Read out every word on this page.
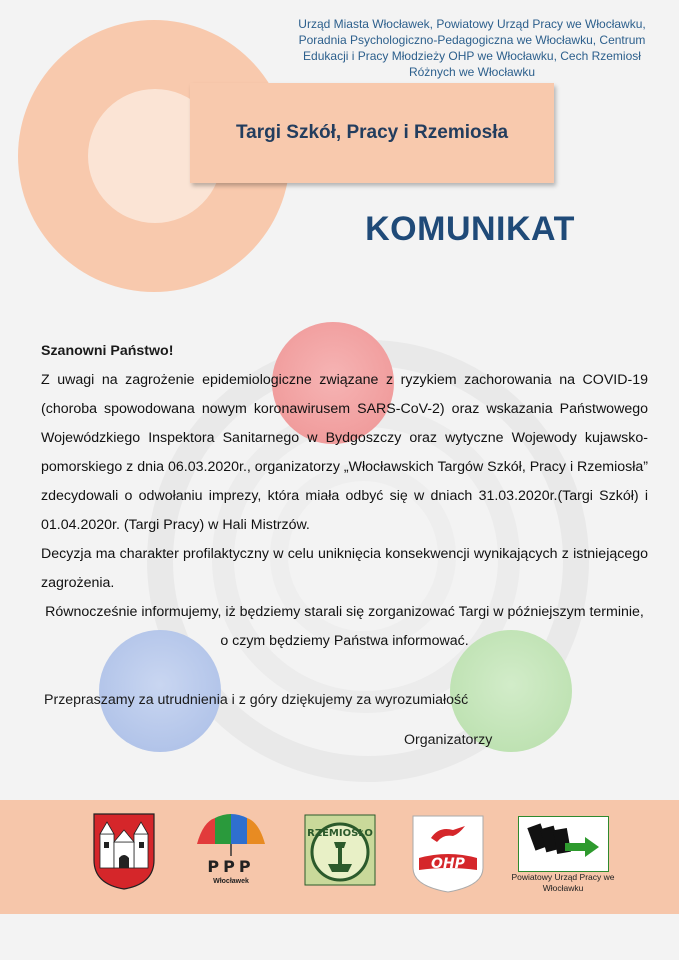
Targi Szkół, Pracy i Rzemiosła
Urząd Miasta Włocławek, Powiatowy Urząd Pracy we Włocławku, Poradnia Psychologiczno-Pedagogiczna we Włocławku, Centrum Edukacji i Pracy Młodzieży OHP we Włocławku, Cech Rzemiosł Różnych we Włocławku
KOMUNIKAT
Szanowni Państwo!
Z uwagi na zagrożenie epidemiologiczne związane z ryzykiem zachorowania na COVID-19 (choroba spowodowana nowym koronawirusem SARS-CoV-2) oraz wskazania Państwowego Wojewódzkiego Inspektora Sanitarnego w Bydgoszczy oraz wytyczne Wojewody kujawsko-pomorskiego z dnia 06.03.2020r., organizatorzy „Włocławskich Targów Szkół, Pracy i Rzemiosła” zdecydowali o odwołaniu imprezy, która miała odbyć się w dniach 31.03.2020r.(Targi Szkół) i 01.04.2020r. (Targi Pracy) w Hali Mistrzów.
Decyzja ma charakter profilaktyczny w celu uniknięcia konsekwencji wynikających z istniejącego zagrożenia.
Równocześnie informujemy, iż będziemy starali się zorganizować Targi w późniejszym terminie, o czym będziemy Państwa informować.
Przepraszamy za utrudnienia i z góry dziękujemy za wyrozumiałość
Organizatorzy
PPP
Włocławek
RZEMIOSŁO
OHP
Powiatowy Urząd Pracy we Włocławku
